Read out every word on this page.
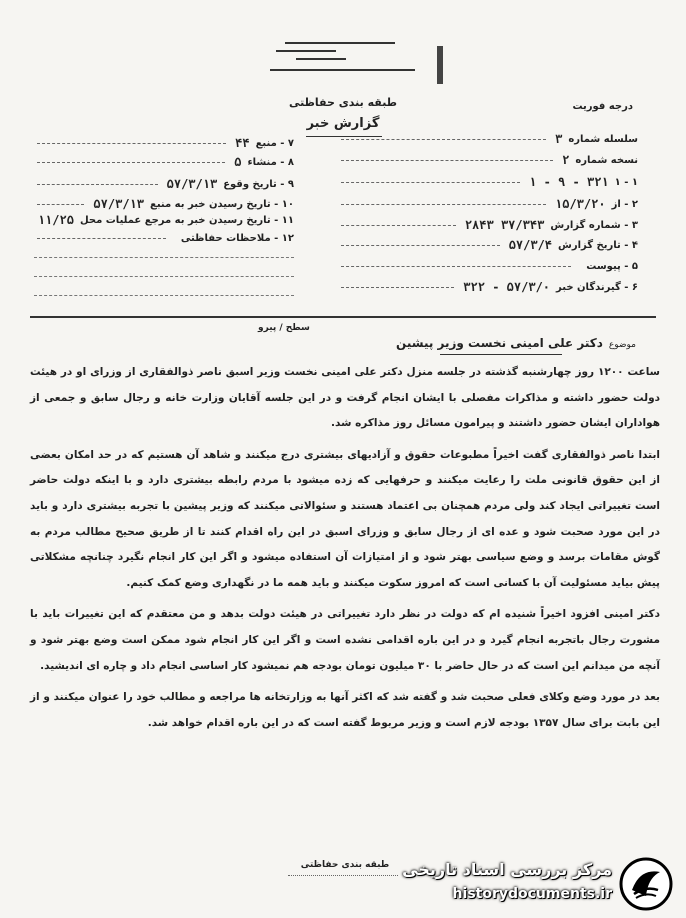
طبقه بندی حفاظتی
گزارش خبر
درجه فوریت
سلسله شماره
۳
نسخه شماره
۲
۱ - ۱
۳۲۱ - ۹ - ۱
۲ - از
۱۵/۳/۲۰
۳ - شماره گزارش
۳۷/۳۴۳ ۲۸۴۳
۴ - تاریخ گزارش
۵۷/۳/۴
۵ - پیوست
۶ - گیرندگان خبر
۵۷/۳/۰ - ۳۲۲
۷ - منبع
۴۴
۸ - منشاء
۵
۹ - تاریخ وقوع
۵۷/۳/۱۳
۱۰ - تاریخ رسیدن خبر به منبع
۵۷/۳/۱۳
۱۱ - تاریخ رسیدن خبر به مرجع عملیات محل
۱۱/۲۵
۱۲ - ملاحظات حفاظتی
سطح / پیرو
موضوع
دکتر علی امینی نخست وزیر پیشین

ساعت ۱۲۰۰ روز چهارشنبه گذشته در جلسه منزل دکتر علی امینی نخست وزیر اسبق ناصر ذوالفقاری از وزرای او در هیئت دولت حضور داشته و مذاکرات مفصلی با ایشان انجام گرفت و در این جلسه آقایان وزارت خانه و رجال سابق و جمعی از هواداران ایشان حضور داشتند و پیرامون مسائل روز مذاکره شد.

ابتدا ناصر ذوالفقاری گفت اخیراً مطبوعات حقوق و آزادیهای بیشتری درج میکنند و شاهد آن هستیم که در حد امکان بعضی از این حقوق قانونی ملت را رعایت میکنند و حرفهایی که زده میشود با مردم رابطه بیشتری دارد و با اینکه دولت حاضر است تغییراتی ایجاد کند ولی مردم همچنان بی اعتماد هستند و سئوالاتی میکنند که وزیر پیشین با تجربه بیشتری دارد و باید در این مورد صحبت شود و عده ای از رجال سابق و وزرای اسبق در این راه اقدام کنند تا از طریق صحیح مطالب مردم به گوش مقامات برسد و وضع سیاسی بهتر شود و از امتیازات آن استفاده میشود و اگر این کار انجام نگیرد چنانچه مشکلاتی پیش بیاید مسئولیت آن با کسانی است که امروز سکوت میکنند و باید همه ما در نگهداری وضع کمک کنیم.

دکتر امینی افزود اخیراً شنیده ام که دولت در نظر دارد تغییراتی در هیئت دولت بدهد و من معتقدم که این تغییرات باید با مشورت رجال باتجربه انجام گیرد و در این باره اقدامی نشده است و اگر این کار انجام شود ممکن است وضع بهتر شود و آنچه من میدانم این است که در حال حاضر با ۳۰ میلیون تومان بودجه هم نمیشود کار اساسی انجام داد و چاره ای اندیشید.

بعد در مورد وضع وکلای فعلی صحبت شد و گفته شد که اکثر آنها به وزارتخانه ها مراجعه و مطالب خود را عنوان میکنند و از این بابت برای سال ۱۳۵۷ بودجه لازم است و وزیر مربوط گفته است که در این باره اقدام خواهد شد.

طبقه بندی حفاظتی مرکز بررسی اسناد تاریخی
historydocuments.ir
